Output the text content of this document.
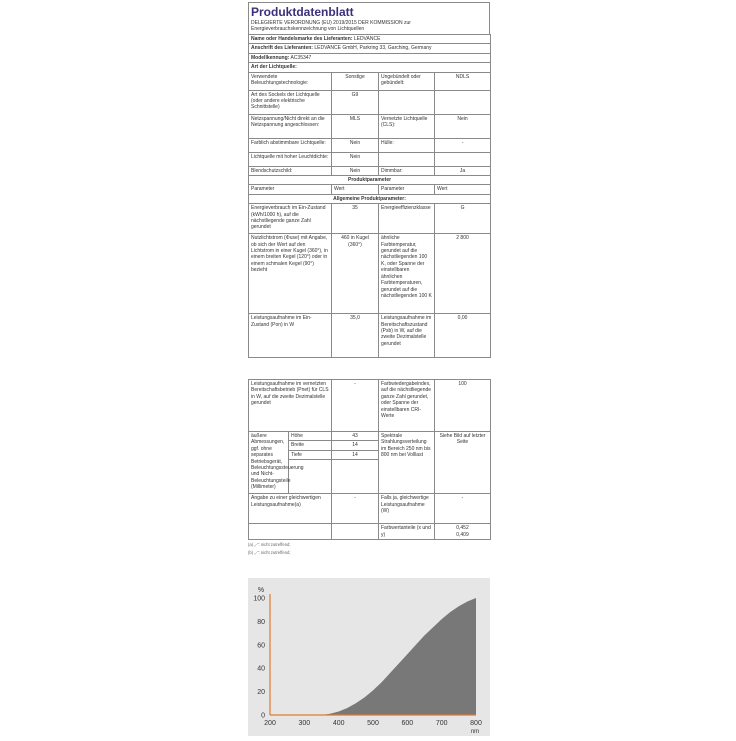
Produktdatenblatt
DELEGIERTE VERORDNUNG (EU) 2019/2015 DER KOMMISSION zur Energieverbrauchskennzeichnung von Lichtquellen
Name oder Handelsmarke des Lieferanten: LEDVANCE			
Anschrift des Lieferanten: LEDVANCE GmbH, Parkring 33, Garching, Germany			
Modellkennung: AC35347			
Art der Lichtquelle:			
Verwendete Beleuchtungstechnologie:	Sonstige	Ungebündelt oder gebündelt:	NDLS
Art des Sockels der Lichtquelle (oder andere elektrische Schnittstelle)	G9		
Netzspannung/Nicht direkt an die Netzspannung angeschlossen:	MLS	Vernetzte Lichtquelle (CLS):	Nein
Farblich abstimmbare Lichtquelle:	Nein	Hülle:	-
Lichtquelle mit hoher Leuchtdichte:	Nein		
Blendschutzschild:	Nein	Dimmbar:	Ja
Produktparameter			
Parameter	Wert	Parameter	Wert
Allgemeine Produktparameter:			
Energieverbrauch im Ein-Zustand (kWh/1000 h), auf die nächstliegende ganze Zahl gerundet	35	Energieeffizienzklasse	G
Nutzlichtstrom (Φuse) mit Angabe, ob sich der Wert auf den Lichtstrom in einer Kugel (360°), in einem breiten Kegel (120°) oder in einem schmalen Kegel (90°) bezieht	460 in Kugel (360°)	ähnliche Farbtemperatur, gerundet auf die nächstliegenden 100 K, oder Spanne der einstellbaren ähnlichen Farbtemperaturen, gerundet auf die nächstliegenden 100 K	2 800
Leistungsaufnahme im Ein-Zustand (Pon) in W	35,0	Leistungsaufnahme im Bereitschaftszustand (Psb) in W, auf die zweite Dezimalstelle gerundet	0,00
Leistungsaufnahme im vernetzten Bereitschaftsbetrieb (Pnet) für CLS in W, auf die zweite Dezimalstelle gerundet		-	Farbwiedergabeindex, auf die nächstliegende ganze Zahl gerundet, oder Spanne der einstellbaren CRI-Werte	100
äußere Abmessungen, ggf. ohne separates Betriebsgerät, Beleuchtungssteuerung und Nicht-Beleuchtungsteile (Millimeter)	Höhe	43	Spektrale Strahlungsverteilung im Bereich 250 nm bis 800 nm bei Volllast	Siehe Bild auf letzter Seite
	Breite	14		
	Tiefe	14		

Angabe zu einer gleichwertigen Leistungsaufnahme(a)		-	Falls ja, gleichwertige Leistungsaufnahme (W)	-
			Farbwertanteile (x und y)	0,452
0,409
(a) „-“: nicht zutreffend;
(b) „-“: nicht zutreffend;
200	300	400	500	600	700	800
0
20
40
60
80
100
%
nm
